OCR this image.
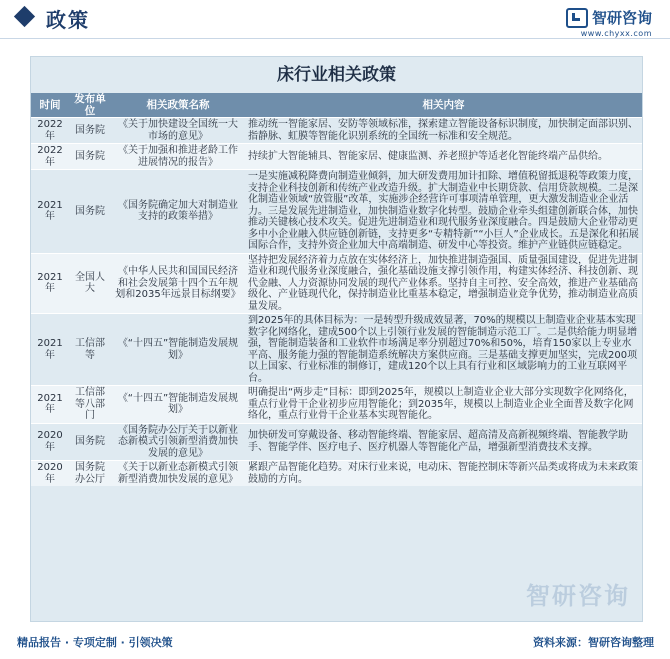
政策	智研咨询
www.chyxx.com
床行业相关政策
时间	发布单位	相关政策名称	相关内容
2022年	国务院	《关于加快建设全国统一大市场的意见》	推动统一智能家居、安防等领域标准，探索建立智能设备标识制度，加快制定面部识别、指静脉、虹膜等智能化识别系统的全国统一标准和安全规范。
2022年	国务院	《关于加强和推进老龄工作进展情况的报告》	持续扩大智能辅具、智能家居、健康监测、养老照护等适老化智能终端产品供给。
2021年	国务院	《国务院确定加大对制造业支持的政策举措》	一是实施减税降费向制造业倾斜，加大研发费用加计扣除、增值税留抵退税等政策力度，支持企业科技创新和传统产业改造升级。扩大制造业中长期贷款、信用贷款规模。二是深化制造业领域“放管服”改革，实施涉企经营许可事项清单管理，更大激发制造业企业活力。三是发展先进制造业，加快制造业数字化转型。鼓励企业牵头组建创新联合体，加快推动关键核心技术攻关。促进先进制造业和现代服务业深度融合。四是鼓励大企业带动更多中小企业融入供应链创新链，支持更多“专精特新”“小巨人”企业成长。五是深化和拓展国际合作，支持外资企业加大中高端制造、研发中心等投资。维护产业链供应链稳定。
2021年	全国人大	《中华人民共和国国民经济和社会发展第十四个五年规划和2035年远景目标纲要》	坚持把发展经济着力点放在实体经济上，加快推进制造强国、质量强国建设，促进先进制造业和现代服务业深度融合，强化基础设施支撑引领作用，构建实体经济、科技创新、现代金融、人力资源协同发展的现代产业体系。坚持自主可控、安全高效，推进产业基础高级化、产业链现代化，保持制造业比重基本稳定，增强制造业竞争优势，推动制造业高质量发展。
2021年	工信部等	《“十四五”智能制造发展规划》	到2025年的具体目标为：一是转型升级成效显著，70%的规模以上制造业企业基本实现数字化网络化，建成500个以上引领行业发展的智能制造示范工厂。二是供给能力明显增强，智能制造装备和工业软件市场满足率分别超过70%和50%，培育150家以上专业水平高、服务能力强的智能制造系统解决方案供应商。三是基础支撑更加坚实，完成200项以上国家、行业标准的制修订，建成120个以上具有行业和区域影响力的工业互联网平台。
2021年	工信部等八部门	《“十四五”智能制造发展规划》	明确提出“两步走”目标：即到2025年，规模以上制造业企业大部分实现数字化网络化，重点行业骨干企业初步应用智能化；到2035年，规模以上制造业企业全面普及数字化网络化，重点行业骨干企业基本实现智能化。
2020年	国务院	《国务院办公厅关于以新业态新模式引领新型消费加快发展的意见》	加快研发可穿戴设备、移动智能终端、智能家居、超高清及高新视频终端、智能教学助手、智能学伴、医疗电子、医疗机器人等智能化产品，增强新型消费技术支撑。
2020年	国务院办公厅	《关于以新业态新模式引领新型消费加快发展的意见》	紧跟产品智能化趋势。对床行业来说，电动床、智能控制床等新兴品类或将成为未来政策鼓励的方向。
智研咨询
精品报告 · 专项定制 · 引领决策	资料来源：智研咨询整理
